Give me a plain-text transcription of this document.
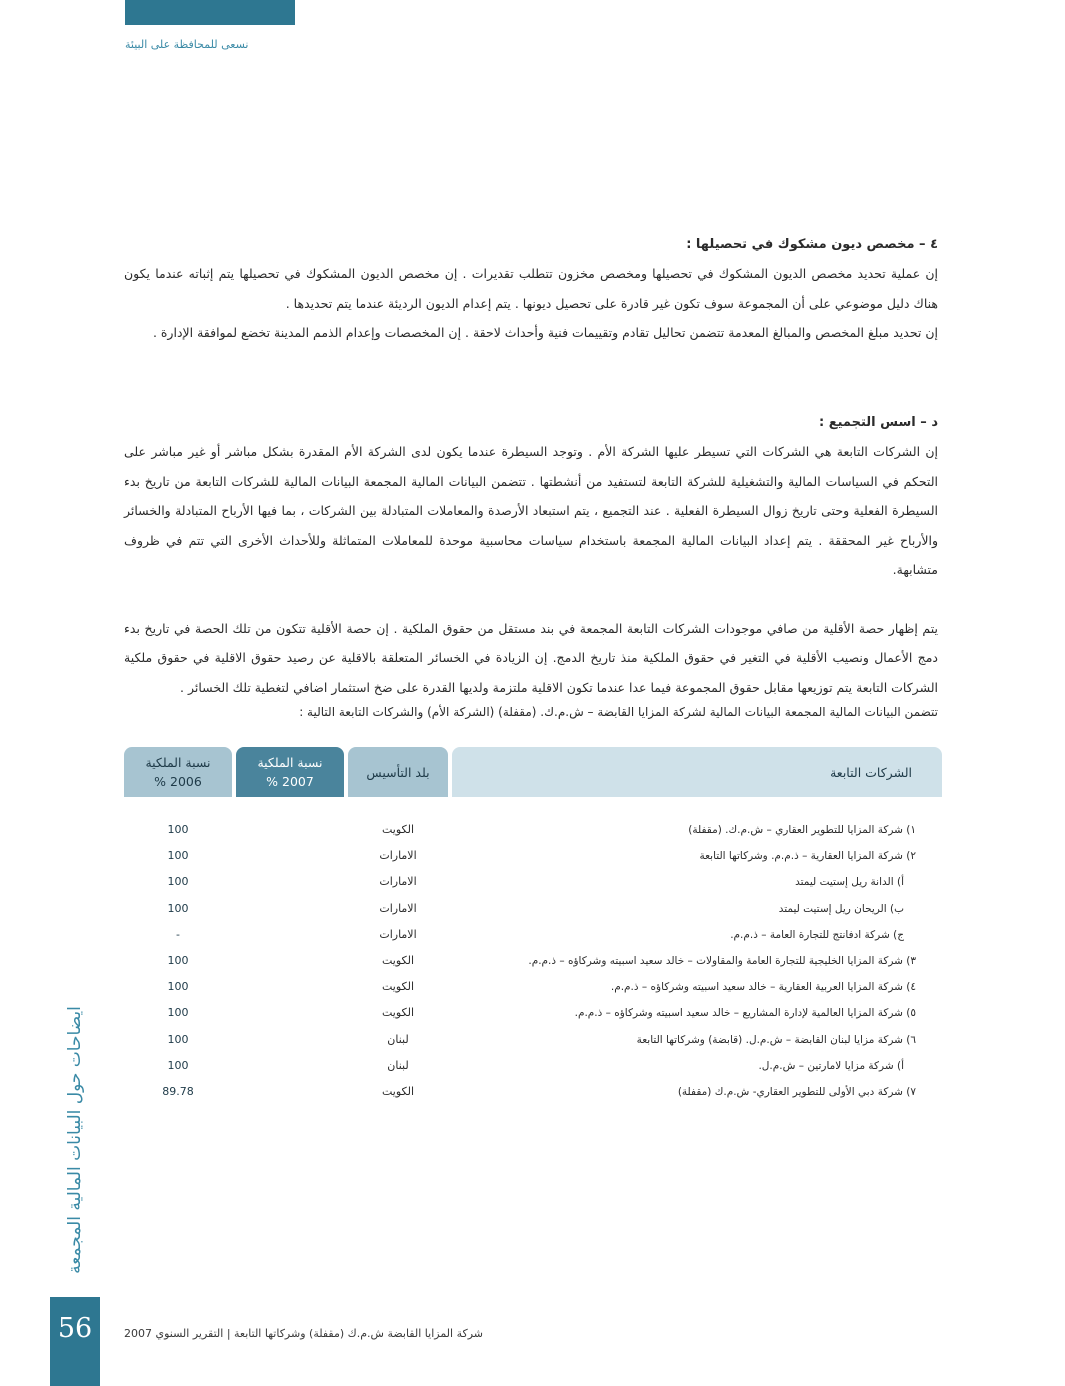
نسعى للمحافظة على البيئة
٤ – مخصص ديون مشكوك في تحصيلها :

إن عملية تحديد مخصص الديون المشكوك في تحصيلها ومخصص مخزون تتطلب تقديرات . إن مخصص الديون المشكوك في تحصيلها يتم إثباته عندما يكون هناك دليل موضوعي على أن المجموعة سوف تكون غير قادرة على تحصيل ديونها . يتم إعدام الديون الرديئة عندما يتم تحديدها .

إن تحديد مبلغ المخصص والمبالغ المعدمة تتضمن تحاليل تقادم وتقييمات فنية وأحداث لاحقة . إن المخصصات وإعدام الذمم المدينة تخضع لموافقة الإدارة .

د – اسس التجميع :

إن الشركات التابعة هي الشركات التي تسيطر عليها الشركة الأم . وتوجد السيطرة عندما يكون لدى الشركة الأم المقدرة بشكل مباشر أو غير مباشر على التحكم في السياسات المالية والتشغيلية للشركة التابعة لتستفيد من أنشطتها . تتضمن البيانات المالية المجمعة البيانات المالية للشركات التابعة من تاريخ بدء السيطرة الفعلية وحتى تاريخ زوال السيطرة الفعلية . عند التجميع ، يتم استبعاد الأرصدة والمعاملات المتبادلة بين الشركات ، بما فيها الأرباح المتبادلة والخسائر والأرباح غير المحققة . يتم إعداد البيانات المالية المجمعة باستخدام سياسات محاسبية موحدة للمعاملات المتماثلة وللأحداث الأخرى التي تتم في ظروف متشابهة.

يتم إظهار حصة الأقلية من صافي موجودات الشركات التابعة المجمعة في بند مستقل من حقوق الملكية . إن حصة الأقلية تتكون من تلك الحصة في تاريخ بدء دمج الأعمال ونصيب الأقلية في التغير في حقوق الملكية منذ تاريخ الدمج. إن الزيادة في الخسائر المتعلقة بالاقلية عن رصيد حقوق الاقلية في حقوق ملكية الشركات التابعة يتم توزيعها مقابل حقوق المجموعة فيما عدا عندما تكون الاقلية ملتزمة ولديها القدرة على ضخ استثمار اضافي لتغطية تلك الخسائر .

تتضمن البيانات المالية المجمعة البيانات المالية لشركة المزايا القابضة – ش.م.ك. (مقفلة) (الشركة الأم) والشركات التابعة التالية :
الشركات التابعة
١) شركة المزايا للتطوير العقاري – ش.م.ك. (مقفلة)
٢) شركة المزايا العقارية – ذ.م.م. وشركاتها التابعة
أ) الدانة ريل إستيت ليمتد
ب) الريحان ريل إستيت ليمتد
ج) شركة ادفانتج للتجارة العامة – ذ.م.م.
٣) شركة المزايا الخليجية للتجارة العامة والمقاولات – خالد سعيد اسبيته وشركاؤه – ذ.م.م.
٤) شركة المزايا العربية العقارية – خالد سعيد اسبيته وشركاؤه – ذ.م.م.
٥) شركة المزايا العالمية لإدارة المشاريع – خالد سعيد اسبيته وشركاؤه – ذ.م.م.
٦) شركة مزايا لبنان القابضة – ش.م.ل. (قابضة) وشركاتها التابعة
أ) شركة مزايا لامارتين – ش.م.ل.
٧) شركة دبي الأولى للتطوير العقاري- ش.م.ك (مقفلة)
بلد التأسيس
الكويت
الامارات
الامارات
الامارات
الامارات
الكويت
الكويت
الكويت
لبنان
لبنان
الكويت
نسبة الملكية
% 2007
100
100
100
100
100
100
100
100
100
100
81.78
نسبة الملكية
% 2006
100
100
100
100
-
100
100
100
100
100
89.78
ايضاحات حول البيانات المالية المجمعة
56	شركة المزايا القابضة ش.م.ك (مقفلة) وشركاتها التابعة | التقرير السنوي 2007
